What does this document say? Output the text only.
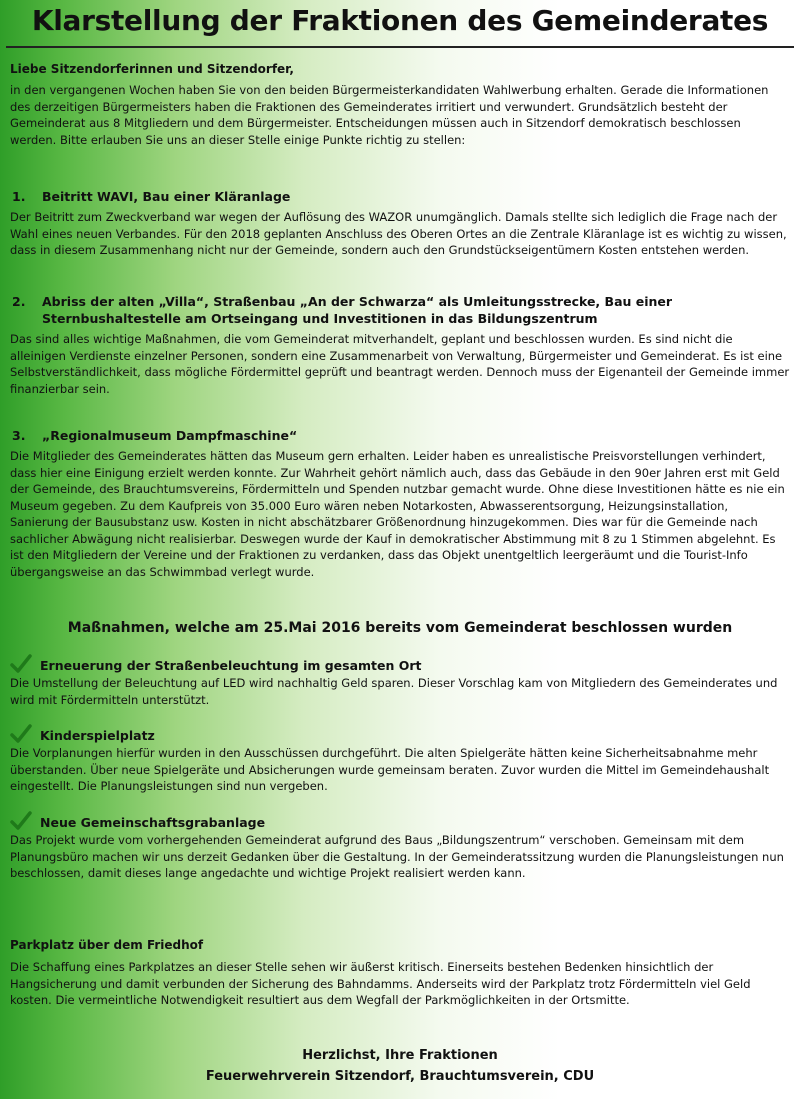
Klarstellung der Fraktionen des Gemeinderates

Liebe Sitzendorferinnen und Sitzendorfer,

in den vergangenen Wochen haben Sie von den beiden Bürgermeisterkandidaten Wahlwerbung erhalten. Gerade die Informationen des derzeitigen Bürgermeisters haben die Fraktionen des Gemeinderates irritiert und verwundert. Grundsätzlich besteht der Gemeinderat aus 8 Mitgliedern und dem Bürgermeister. Entscheidungen müssen auch in Sitzendorf demokratisch beschlossen werden. Bitte erlauben Sie uns an dieser Stelle einige Punkte richtig zu stellen:

1.	Beitritt WAVI, Bau einer Kläranlage

Der Beitritt zum Zweckverband war wegen der Auflösung des WAZOR unumgänglich. Damals stellte sich lediglich die Frage nach der Wahl eines neuen Verbandes. Für den 2018 geplanten Anschluss des Oberen Ortes an die Zentrale Kläranlage ist es wichtig zu wissen, dass in diesem Zusammenhang nicht nur der Gemeinde, sondern auch den Grundstückseigentümern Kosten entstehen werden.

2.	Abriss der alten „Villa“, Straßenbau „An der Schwarza“ als Umleitungsstrecke, Bau einer Sternbushaltestelle am Ortseingang und Investitionen in das Bildungszentrum

Das sind alles wichtige Maßnahmen, die vom Gemeinderat mitverhandelt, geplant und beschlossen wurden. Es sind nicht die alleinigen Verdienste einzelner Personen, sondern eine Zusammenarbeit von Verwaltung, Bürgermeister und Gemeinderat. Es ist eine Selbstverständlichkeit, dass mögliche Fördermittel geprüft und beantragt werden. Dennoch muss der Eigenanteil der Gemeinde immer finanzierbar sein.

3.	„Regionalmuseum Dampfmaschine“

Die Mitglieder des Gemeinderates hätten das Museum gern erhalten. Leider haben es unrealistische Preisvorstellungen verhindert, dass hier eine Einigung erzielt werden konnte. Zur Wahrheit gehört nämlich auch, dass das Gebäude in den 90er Jahren erst mit Geld der Gemeinde, des Brauchtumsvereins, Fördermitteln und Spenden nutzbar gemacht wurde. Ohne diese Investitionen hätte es nie ein Museum gegeben. Zu dem Kaufpreis von 35.000 Euro wären neben Notarkosten, Abwasserentsorgung, Heizungsinstallation, Sanierung der Bausubstanz usw. Kosten in nicht abschätzbarer Größenordnung hinzugekommen. Dies war für die Gemeinde nach sachlicher Abwägung nicht realisierbar. Deswegen wurde der Kauf in demokratischer Abstimmung mit 8 zu 1 Stimmen abgelehnt. Es ist den Mitgliedern der Vereine und der Fraktionen zu verdanken, dass das Objekt unentgeltlich leergeräumt und die Tourist-Info übergangsweise an das Schwimmbad verlegt wurde.

Maßnahmen, welche am 25.Mai 2016 bereits vom Gemeinderat beschlossen wurden
Erneuerung der Straßenbeleuchtung im gesamten Ort

Die Umstellung der Beleuchtung auf LED wird nachhaltig Geld sparen. Dieser Vorschlag kam von Mitgliedern des Gemeinderates und wird mit Fördermitteln unterstützt.

Kinderspielplatz

Die Vorplanungen hierfür wurden in den Ausschüssen durchgeführt. Die alten Spielgeräte hätten keine Sicherheitsabnahme mehr überstanden. Über neue Spielgeräte und Absicherungen wurde gemeinsam beraten. Zuvor wurden die Mittel im Gemeindehaushalt eingestellt. Die Planungsleistungen sind nun vergeben.

Neue Gemeinschaftsgrabanlage

Das Projekt wurde vom vorhergehenden Gemeinderat aufgrund des Baus „Bildungszentrum“ verschoben. Gemeinsam mit dem Planungsbüro machen wir uns derzeit Gedanken über die Gestaltung. In der Gemeinderatssitzung wurden die Planungsleistungen nun beschlossen, damit dieses lange angedachte und wichtige Projekt realisiert werden kann.

Parkplatz über dem Friedhof

Die Schaffung eines Parkplatzes an dieser Stelle sehen wir äußerst kritisch. Einerseits bestehen Bedenken hinsichtlich der Hangsicherung und damit verbunden der Sicherung des Bahndamms. Anderseits wird der Parkplatz trotz Fördermitteln viel Geld kosten. Die vermeintliche Notwendigkeit resultiert aus dem Wegfall der Parkmöglichkeiten in der Ortsmitte.

Herzlichst, Ihre Fraktionen

Feuerwehrverein Sitzendorf, Brauchtumsverein, CDU
